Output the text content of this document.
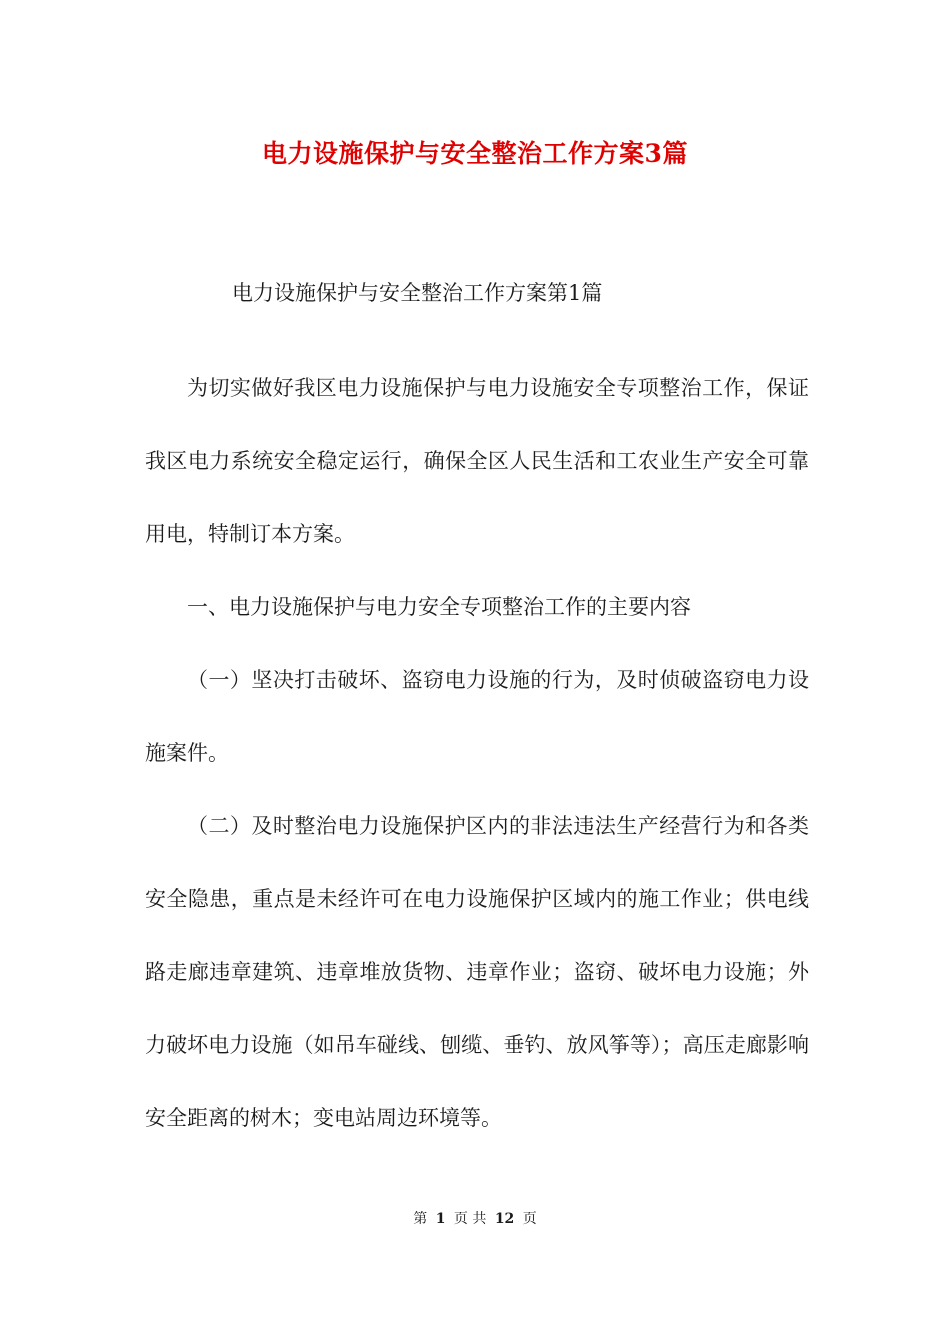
电力设施保护与安全整治工作方案3篇
电力设施保护与安全整治工作方案第1篇

为切实做好我区电力设施保护与电力设施安全专项整治工作，保证我区电力系统安全稳定运行，确保全区人民生活和工农业生产安全可靠用电，特制订本方案。

一、电力设施保护与电力安全专项整治工作的主要内容

（一）坚决打击破坏、盗窃电力设施的行为，及时侦破盗窃电力设施案件。

（二）及时整治电力设施保护区内的非法违法生产经营行为和各类安全隐患，重点是未经许可在电力设施保护区域内的施工作业；供电线路走廊违章建筑、违章堆放货物、违章作业；盗窃、破坏电力设施；外力破坏电力设施（如吊车碰线、刨缆、垂钓、放风筝等）；高压走廊影响安全距离的树木；变电站周边环境等。

第 1 页 共 12 页
